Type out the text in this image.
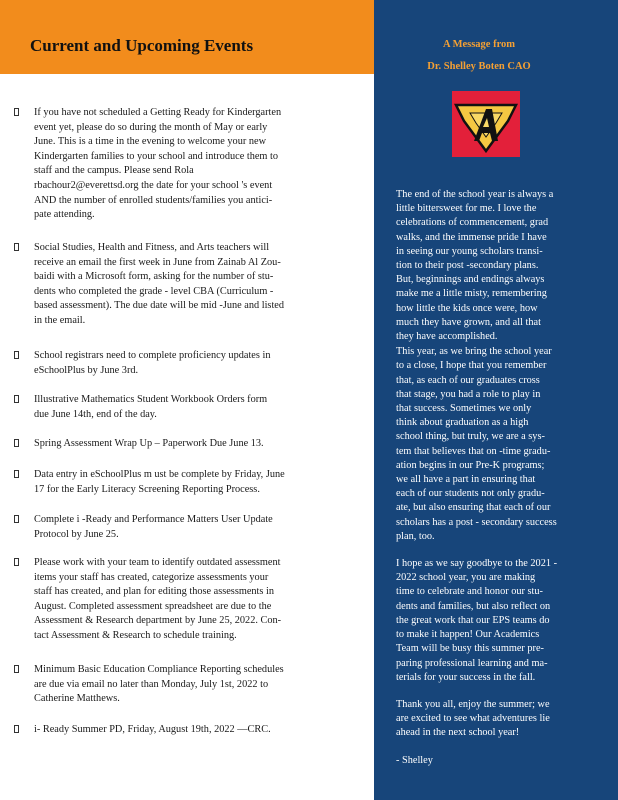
Current and Upcoming Events
If you have not scheduled a Getting Ready for Kindergarten
event yet, please do so during the month of May or early
June. This is a time in the evening to welcome your new
Kindergarten families to your school and introduce them to
staff and the campus. Please send Rola
rbachour2@everettsd.org the date for your school 's event
AND the number of enrolled students/families you antici-
pate attending.
Social Studies, Health and Fitness, and Arts teachers will
receive an email the first week in June from Zainab Al Zou-
baidi with a Microsoft form, asking for the number of stu-
dents who completed the grade - level CBA (Curriculum -
based assessment). The due date will be mid -June and listed
in the email.
School registrars need to complete proficiency updates in
eSchoolPlus by June 3rd.
Illustrative Mathematics Student Workbook Orders form
due June 14th, end of the day.
Spring Assessment Wrap Up – Paperwork Due June 13.
Data entry in eSchoolPlus m ust be complete by Friday, June
17 for the Early Literacy Screening Reporting Process.
Complete i -Ready and Performance Matters User Update
Protocol by June 25.
Please work with your team to identify outdated assessment
items your staff has created, categorize assessments your
staff has created, and plan for editing those assessments in
August. Completed assessment spreadsheet are due to the
Assessment & Research department by June 25, 2022. Con-
tact Assessment & Research to schedule training.
Minimum Basic Education Compliance Reporting schedules
are due via email no later than Monday, July 1st, 2022 to
Catherine Matthews.
i- Ready Summer PD, Friday, August 19th, 2022 —CRC.
A Message from
Dr. Shelley Boten CAO

The end of the school year is always a
little bittersweet for me. I love the
celebrations of commencement, grad
walks, and the immense pride I have
in seeing our young scholars transi-
tion to their post -secondary plans.
But, beginnings and endings always
make me a little misty, remembering
how little the kids once were, how
much they have grown, and all that
they have accomplished.

This year, as we bring the school year
to a close, I hope that you remember
that, as each of our graduates cross
that stage, you had a role to play in
that success. Sometimes we only
think about graduation as a high
school thing, but truly, we are a sys-
tem that believes that on -time gradu-
ation begins in our Pre-K programs;
we all have a part in ensuring that
each of our students not only gradu-
ate, but also ensuring that each of our
scholars has a post - secondary success
plan, too.

I hope as we say goodbye to the 2021 -
2022 school year, you are making
time to celebrate and honor our stu-
dents and families, but also reflect on
the great work that our EPS teams do
to make it happen! Our Academics
Team will be busy this summer pre-
paring professional learning and ma-
terials for your success in the fall.

Thank you all, enjoy the summer; we
are excited to see what adventures lie
ahead in the next school year!

- Shelley
